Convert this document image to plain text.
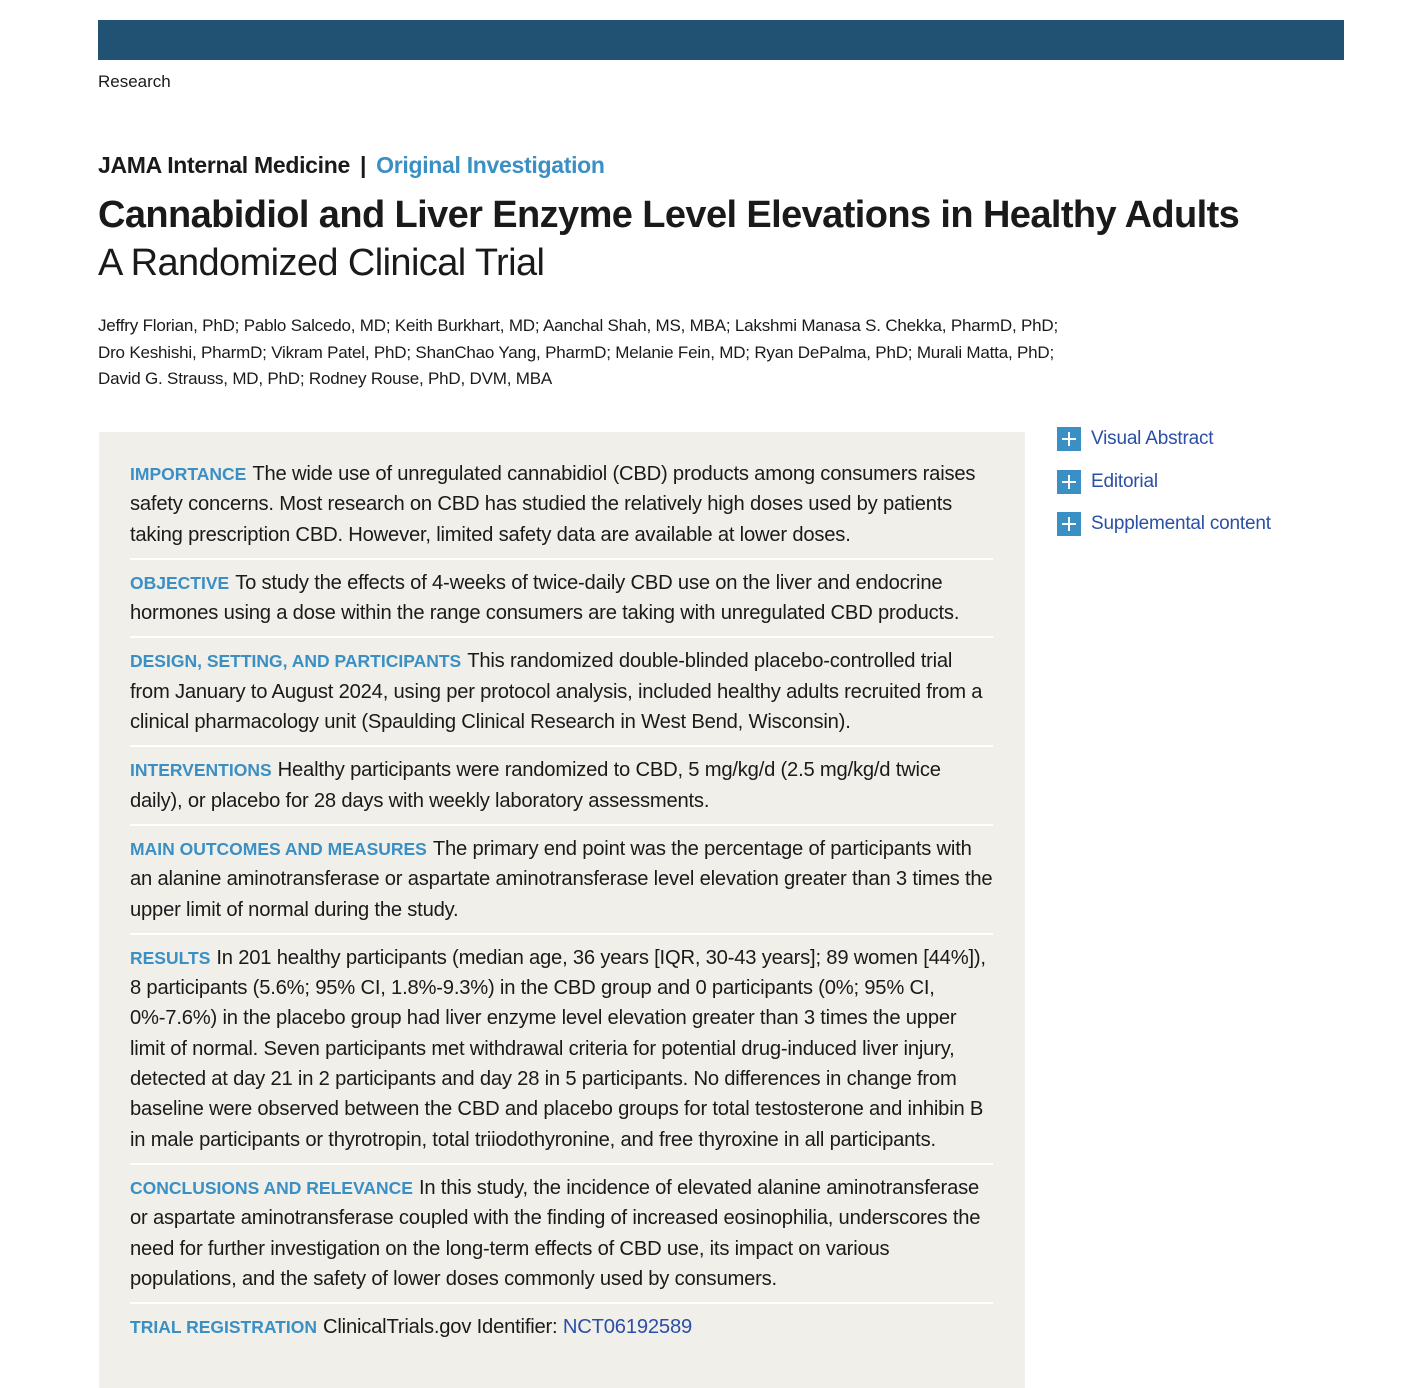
Research
JAMA Internal Medicine | Original Investigation
Cannabidiol and Liver Enzyme Level Elevations in Healthy Adults
A Randomized Clinical Trial
Jeffry Florian, PhD; Pablo Salcedo, MD; Keith Burkhart, MD; Aanchal Shah, MS, MBA; Lakshmi Manasa S. Chekka, PharmD, PhD;
Dro Keshishi, PharmD; Vikram Patel, PhD; ShanChao Yang, PharmD; Melanie Fein, MD; Ryan DePalma, PhD; Murali Matta, PhD;
David G. Strauss, MD, PhD; Rodney Rouse, PhD, DVM, MBA
IMPORTANCE The wide use of unregulated cannabidiol (CBD) products among consumers raises safety concerns. Most research on CBD has studied the relatively high doses used by patients taking prescription CBD. However, limited safety data are available at lower doses.
OBJECTIVE To study the effects of 4-weeks of twice-daily CBD use on the liver and endocrine hormones using a dose within the range consumers are taking with unregulated CBD products.
DESIGN, SETTING, AND PARTICIPANTS This randomized double-blinded placebo-controlled trial from January to August 2024, using per protocol analysis, included healthy adults recruited from a clinical pharmacology unit (Spaulding Clinical Research in West Bend, Wisconsin).
INTERVENTIONS Healthy participants were randomized to CBD, 5 mg/kg/d (2.5 mg/kg/d twice daily), or placebo for 28 days with weekly laboratory assessments.
MAIN OUTCOMES AND MEASURES The primary end point was the percentage of participants with an alanine aminotransferase or aspartate aminotransferase level elevation greater than 3 times the upper limit of normal during the study.
RESULTS In 201 healthy participants (median age, 36 years [IQR, 30-43 years]; 89 women [44%]), 8 participants (5.6%; 95% CI, 1.8%-9.3%) in the CBD group and 0 participants (0%; 95% CI, 0%-7.6%) in the placebo group had liver enzyme level elevation greater than 3 times the upper limit of normal. Seven participants met withdrawal criteria for potential drug-induced liver injury, detected at day 21 in 2 participants and day 28 in 5 participants. No differences in change from baseline were observed between the CBD and placebo groups for total testosterone and inhibin B in male participants or thyrotropin, total triiodothyronine, and free thyroxine in all participants.
CONCLUSIONS AND RELEVANCE In this study, the incidence of elevated alanine aminotransferase or aspartate aminotransferase coupled with the finding of increased eosinophilia, underscores the need for further investigation on the long-term effects of CBD use, its impact on various populations, and the safety of lower doses commonly used by consumers.
TRIAL REGISTRATION ClinicalTrials.gov Identifier: NCT06192589
Visual Abstract
Editorial
Supplemental content
